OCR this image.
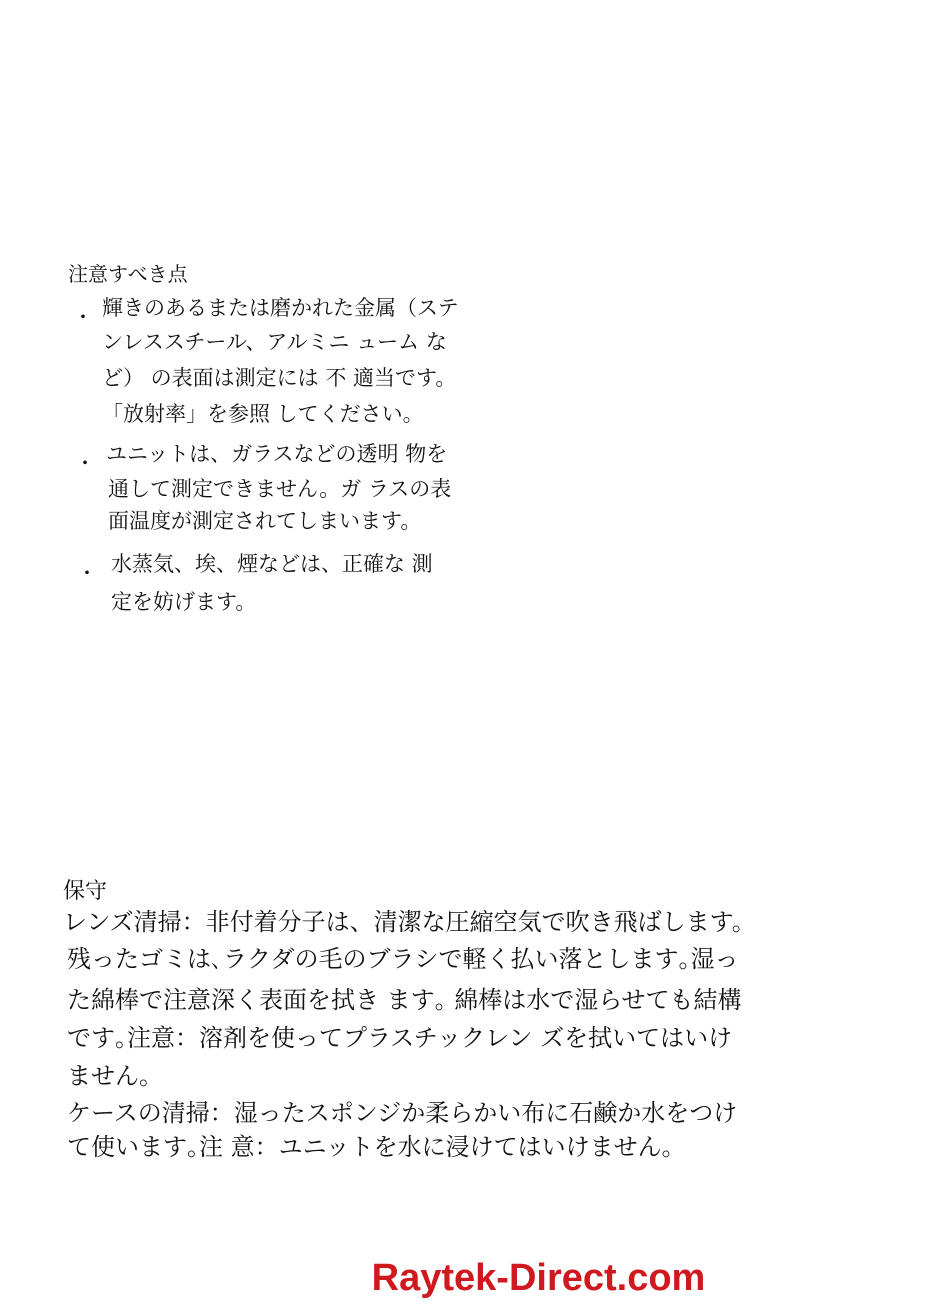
注意すべき点

・ 輝きのあるまたは磨かれた金属（ステ
ンレススチール、アルミニ ューム な
ど） の表面は測定には 不 適当です。
「放射率」を参照 してください。
・ ユニットは、ガラスなどの透明 物を
通して測定できません。ガ ラスの表
面温度が測定されてしまいます。
・ 水蒸気、埃、煙などは、正確な 測
定を妨げます。

保守

レンズ清掃：非付着分子は、清潔な圧縮空気で吹き飛ばします。
残ったゴミは､ラクダの毛のブラシで軽く払い落とします｡湿っ
た綿棒で注意深く表面を拭き ます｡ 綿棒は水で湿らせても結構
です｡注意：溶剤を使ってプラスチックレン ズを拭いてはいけ
ません｡
ケースの清掃：湿ったスポンジか柔らかい布に石鹸か水をつけ
て使います｡注 意：ユニットを水に浸けてはいけません｡
Raytek-Direct.com
